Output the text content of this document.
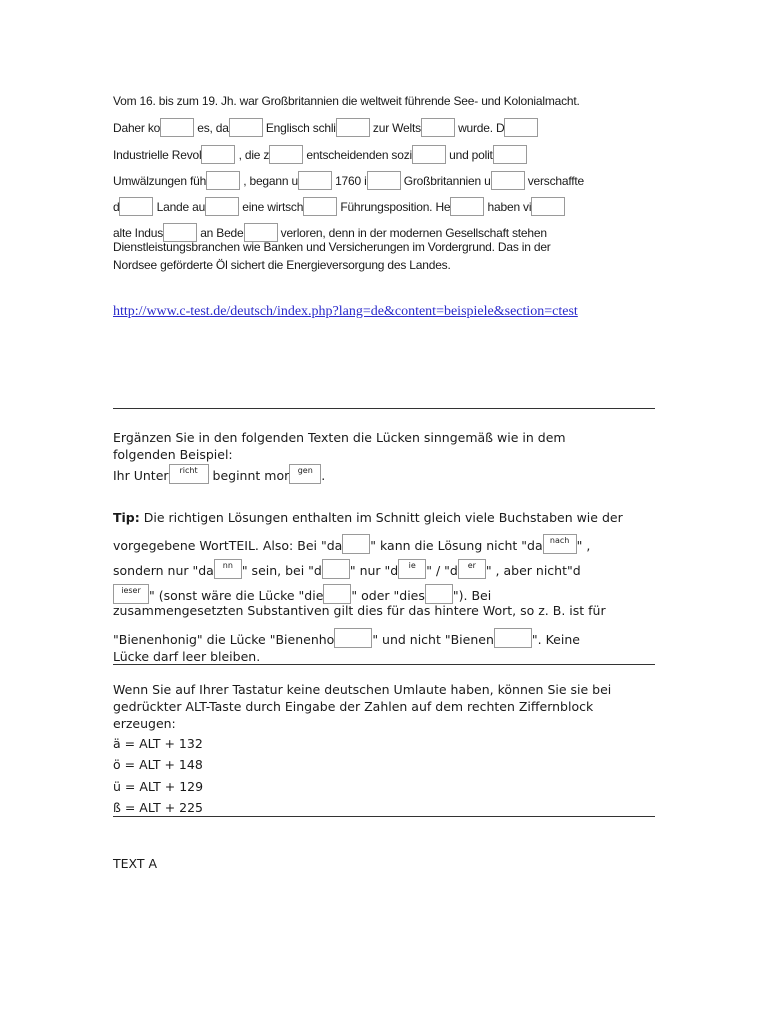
Vom 16. bis zum 19. Jh. war Großbritannien die weltweit führende See- und Kolonialmacht.
Daher ko	es, da	Englisch schli	zur Welts	wurde. D
Industrielle Revol	, die z	entscheidenden sozi	und polit
Umwälzungen füh	, begann u	1760 i	Großbritannien u	verschaffte
d	Lande au	eine wirtsch	Führungsposition. He	haben vi
alte Indus	an Bede	verloren, denn in der modernen Gesellschaft stehen
Dienstleistungsbranchen wie Banken und Versicherungen im Vordergrund. Das in der
Nordsee geförderte Öl sichert die Energieversorgung des Landes.
http://www.c-test.de/deutsch/index.php?lang=de&content=beispiele&section=ctest
Ergänzen Sie in den folgenden Texten die Lücken sinngemäß wie in dem
folgenden Beispiel:
Ihr Unter	richt	beginnt mor	gen .
Tip: Die richtigen Lösungen enthalten im Schnitt gleich viele Buchstaben wie der
vorgegebene WortTEIL. Also: Bei "da " kann die Lösung nicht "da nach " ,
sondern nur "da	nn " sein, bei "d " nur "d	ie " / "d	er " , aber nicht"d
ieser " (sonst wäre die Lücke "die " oder "dies "). Bei
zusammengesetzten Substantiven gilt dies für das hintere Wort, so z. B. ist für
"Bienenhonig" die Lücke "Bienenho	" und nicht "Bienen	". Keine
Lücke darf leer bleiben.
Wenn Sie auf Ihrer Tastatur keine deutschen Umlaute haben, können Sie sie bei
gedrückter ALT-Taste durch Eingabe der Zahlen auf dem rechten Ziffernblock
erzeugen:
ä = ALT + 132
ö = ALT + 148
ü = ALT + 129
ß = ALT + 225
TEXT A
